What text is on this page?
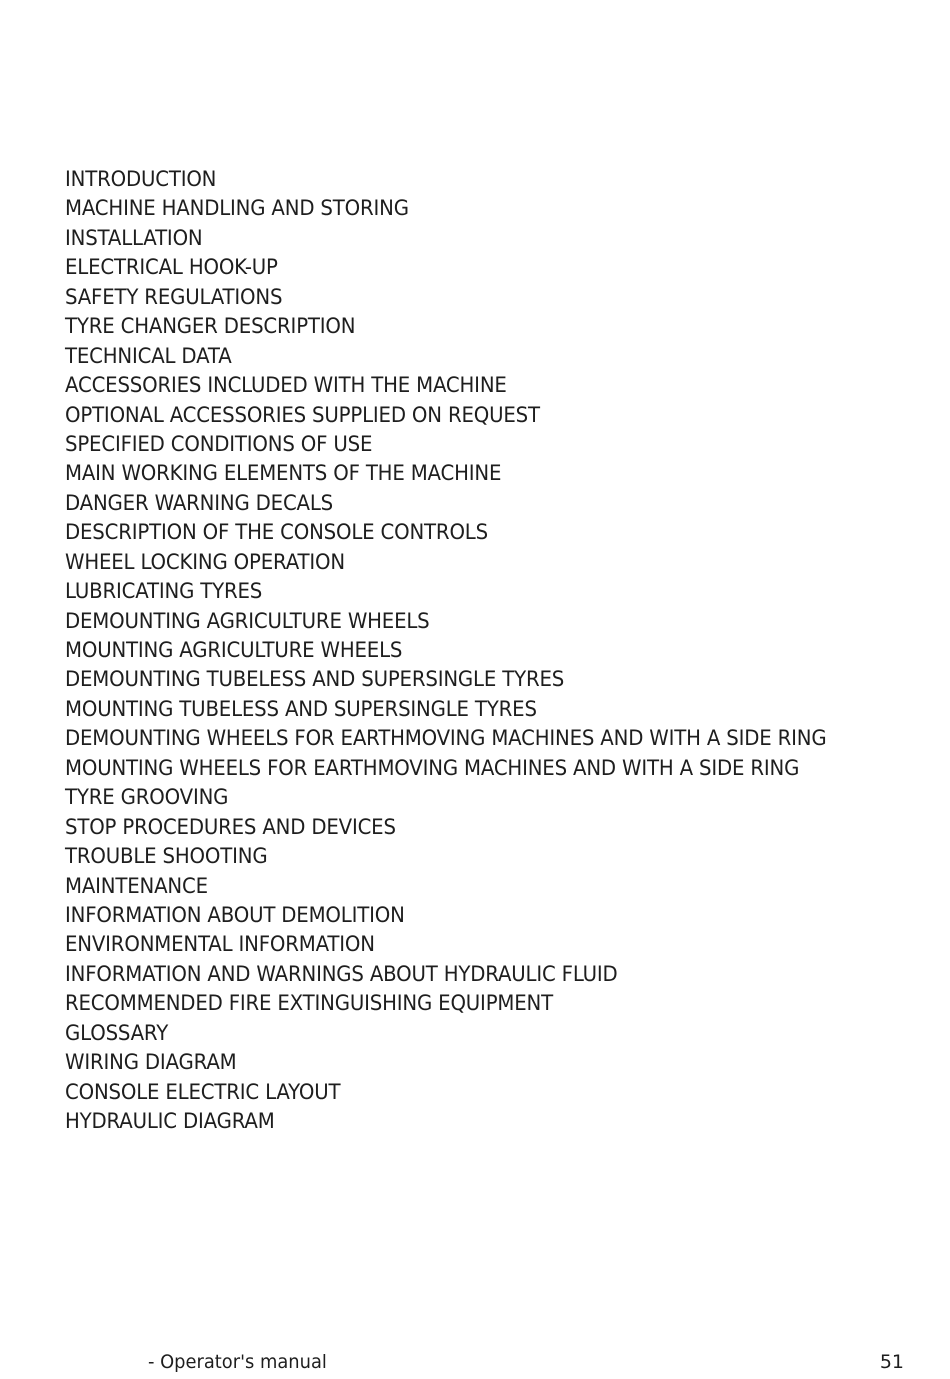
INTRODUCTION
MACHINE HANDLING AND STORING
INSTALLATION
ELECTRICAL HOOK-UP
SAFETY REGULATIONS
TYRE CHANGER DESCRIPTION
TECHNICAL DATA
ACCESSORIES INCLUDED WITH THE MACHINE
OPTIONAL ACCESSORIES SUPPLIED ON REQUEST
SPECIFIED CONDITIONS OF USE
MAIN WORKING ELEMENTS OF THE MACHINE
DANGER WARNING DECALS
DESCRIPTION OF THE CONSOLE CONTROLS
WHEEL LOCKING OPERATION
LUBRICATING TYRES
DEMOUNTING AGRICULTURE WHEELS
MOUNTING AGRICULTURE WHEELS
DEMOUNTING TUBELESS AND SUPERSINGLE TYRES
MOUNTING TUBELESS AND SUPERSINGLE TYRES
DEMOUNTING WHEELS FOR EARTHMOVING MACHINES AND WITH A SIDE RING
MOUNTING WHEELS FOR EARTHMOVING MACHINES AND WITH A SIDE RING
TYRE GROOVING
STOP PROCEDURES AND DEVICES
TROUBLE SHOOTING
MAINTENANCE
INFORMATION ABOUT DEMOLITION
ENVIRONMENTAL INFORMATION
INFORMATION AND WARNINGS ABOUT HYDRAULIC FLUID
RECOMMENDED FIRE EXTINGUISHING EQUIPMENT
GLOSSARY
WIRING DIAGRAM
CONSOLE ELECTRIC LAYOUT
HYDRAULIC DIAGRAM
- Operator's manual	51
